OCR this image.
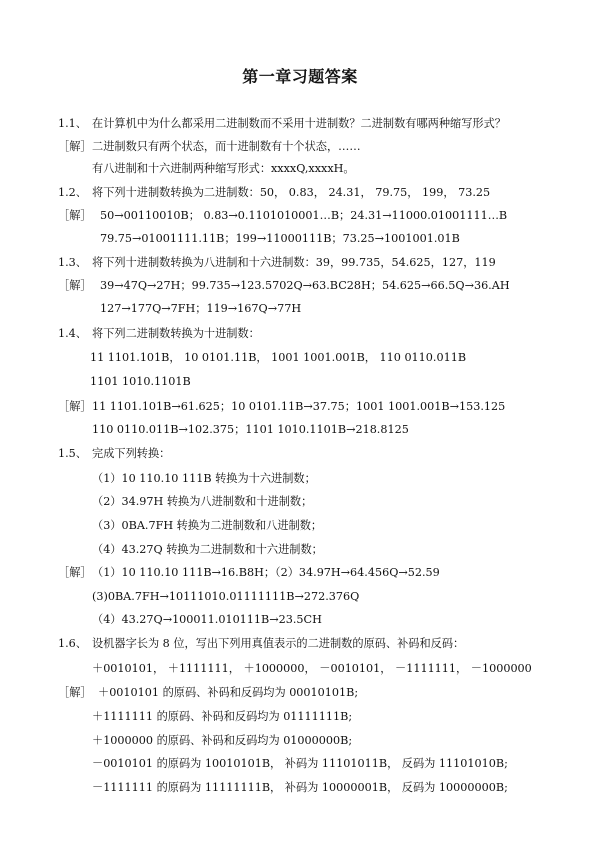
第一章习题答案
1.1、 在计算机中为什么都采用二进制数而不采用十进制数？二进制数有哪两种缩写形式？
［解］ 二进制数只有两个状态，而十进制数有十个状态，……
有八进制和十六进制两种缩写形式：xxxxQ,xxxxH。
1.2、 将下列十进制数转换为二进制数：50， 0.83， 24.31， 79.75， 199， 73.25
［解］ 50→00110010B； 0.83→0.1101010001…B；24.31→11000.01001111…B
79.75→01001111.11B；199→11000111B；73.25→1001001.01B
1.3、 将下列十进制数转换为八进制和十六进制数：39，99.735，54.625，127，119
［解］ 39→47Q→27H；99.735→123.5702Q→63.BC28H；54.625→66.5Q→36.AH
127→177Q→7FH；119→167Q→77H
1.4、 将下列二进制数转换为十进制数：
11 1101.101B， 10 0101.11B， 1001 1001.001B， 110 0110.011B
1101 1010.1101B
［解］ 11 1101.101B→61.625；10 0101.11B→37.75；1001 1001.001B→153.125
110 0110.011B→102.375；1101 1010.1101B→218.8125
1.5、 完成下列转换：
（1）10 110.10 111B 转换为十六进制数；
（2）34.97H 转换为八进制数和十进制数；
（3）0BA.7FH 转换为二进制数和八进制数；
（4）43.27Q 转换为二进制数和十六进制数；
［解］ （1）10 110.10 111B→16.B8H；（2）34.97H→64.456Q→52.59
(3)0BA.7FH→10111010.01111111B→272.376Q
（4）43.27Q→100011.010111B→23.5CH
1.6、 设机器字长为 8 位，写出下列用真值表示的二进制数的原码、补码和反码：
＋0010101， ＋1111111， ＋1000000， －0010101， －1111111， －1000000
［解］ ＋0010101 的原码、补码和反码均为 00010101B;
＋1111111 的原码、补码和反码均为 01111111B;
＋1000000 的原码、补码和反码均为 01000000B;
－0010101 的原码为 10010101B， 补码为 11101011B， 反码为 11101010B;
－1111111 的原码为 11111111B， 补码为 10000001B， 反码为 10000000B;
